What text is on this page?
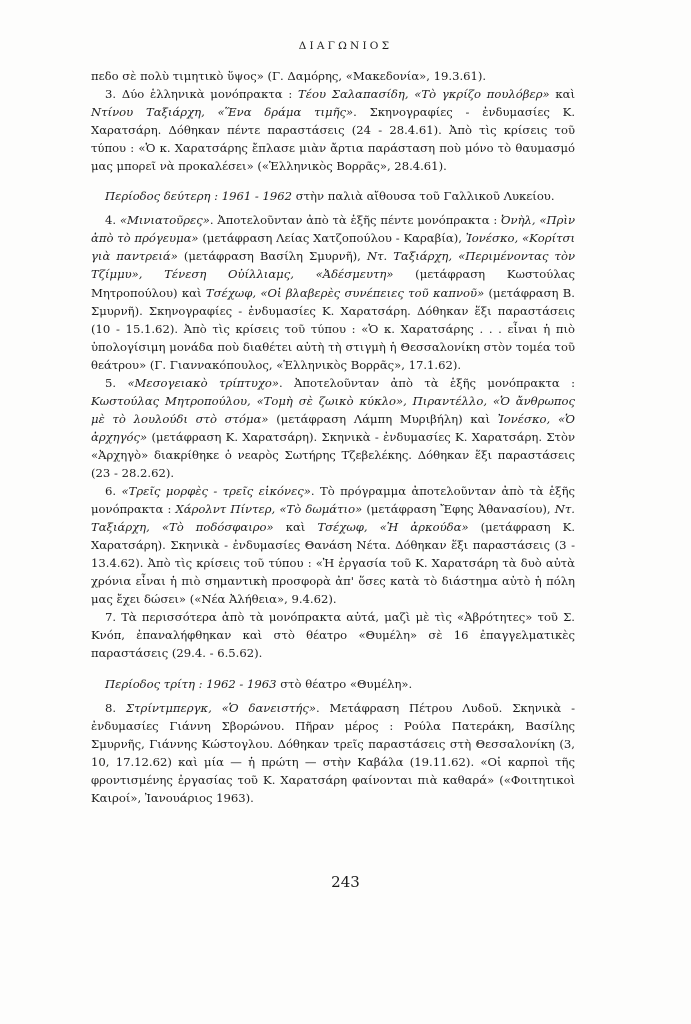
ΔΙΑΓΩΝΙΟΣ

πεδο σὲ πολὺ τιμητικὸ ὕψος» (Γ. Δαμόρης, «Μακεδονία», 19.3.61).

3. Δύο ἑλληνικὰ μονόπρακτα : Τέου Σαλαπασίδη, «Τὸ γκρίζο πουλόβερ» καὶ Ντίνου Ταξιάρχη, «Ἕνα δράμα τιμῆς». Σκηνογραφίες - ἐνδυμασίες Κ. Χαρατσάρη. Δόθηκαν πέντε παραστάσεις (24 - 28.4.61). Ἀπὸ τὶς κρίσεις τοῦ τύπου : «Ὁ κ. Χαρατσάρης ἔπλασε μιὰν ἄρτια παράσταση ποὺ μόνο τὸ θαυμασμό μας μπορεῖ νὰ προκαλέσει» («Ἑλληνικὸς Βορρᾶς», 28.4.61).

Περίοδος δεύτερη : 1961 - 1962 στὴν παλιὰ αἴθουσα τοῦ Γαλλικοῦ Λυκείου.

4. «Μινιατοῦρες». Ἀποτελοῦνταν ἀπὸ τὰ ἑξῆς πέντε μονόπρακτα : Ὀνὴλ, «Πρὶν ἀπὸ τὸ πρόγευμα» (μετάφραση Λείας Χατζοπούλου - Καραβία), Ἰονέσκο, «Κορίτσι γιὰ παντρειά» (μετάφραση Βασίλη Σμυρνῆ), Ντ. Ταξιάρχη, «Περιμένοντας τὸν Τζίμμυ», Τένεση Οὐίλλιαμς, «Ἀδέσμευτη» (μετάφραση Κωστούλας Μητροπούλου) καὶ Τσέχωφ, «Οἱ βλαβερὲς συνέπειες τοῦ καπνοῦ» (μετάφραση Β. Σμυρνῆ). Σκηνογραφίες - ἐνδυμασίες Κ. Χαρατσάρη. Δόθηκαν ἕξι παραστάσεις (10 - 15.1.62). Ἀπὸ τὶς κρίσεις τοῦ τύπου : «Ὁ κ. Χαρατσάρης . . . εἶναι ἡ πιὸ ὑπολογίσιμη μονάδα ποὺ διαθέτει αὐτὴ τὴ στιγμὴ ἡ Θεσσαλονίκη στὸν τομέα τοῦ θεάτρου» (Γ. Γιαννακόπουλος, «Ἑλληνικὸς Βορρᾶς», 17.1.62).

5. «Μεσογειακὸ τρίπτυχο». Ἀποτελοῦνταν ἀπὸ τὰ ἑξῆς μονόπρακτα : Κωστούλας Μητροπούλου, «Τομὴ σὲ ζωικὸ κύκλο», Πιραντέλλο, «Ὁ ἄνθρωπος μὲ τὸ λουλούδι στὸ στόμα» (μετάφραση Λάμπη Μυριβήλη) καὶ Ἰονέσκο, «Ὁ ἀρχηγός» (μετάφραση Κ. Χαρατσάρη). Σκηνικὰ - ἐνδυμασίες Κ. Χαρατσάρη. Στὸν «Ἀρχηγὸ» διακρίθηκε ὁ νεαρὸς Σωτήρης Τζεβελέκης. Δόθηκαν ἕξι παραστάσεις (23 - 28.2.62).

6. «Τρεῖς μορφὲς - τρεῖς εἰκόνες». Τὸ πρόγραμμα ἀποτελοῦνταν ἀπὸ τὰ ἑξῆς μονόπρακτα : Χάρολντ Πίντερ, «Τὸ δωμάτιο» (μετάφραση Ἔφης Ἀθανασίου), Ντ. Ταξιάρχη, «Τὸ ποδόσφαιρο» καὶ Τσέχωφ, «Ἡ ἀρκούδα» (μετάφραση Κ. Χαρατσάρη). Σκηνικὰ - ἐνδυμασίες Θανάση Νέτα. Δόθηκαν ἕξι παραστάσεις (3 - 13.4.62). Ἀπὸ τὶς κρίσεις τοῦ τύπου : «Ἡ ἐργασία τοῦ Κ. Χαρατσάρη τὰ δυὸ αὐτὰ χρόνια εἶναι ἡ πιὸ σημαντικὴ προσφορὰ ἀπ' ὅσες κατὰ τὸ διάστημα αὐτὸ ἡ πόλη μας ἔχει δώσει» («Νέα Ἀλήθεια», 9.4.62).

7. Τὰ περισσότερα ἀπὸ τὰ μονόπρακτα αὐτά, μαζὶ μὲ τὶς «Ἀβρότητες» τοῦ Σ. Κνόπ, ἐπαναλήφθηκαν καὶ στὸ θέατρο «Θυμέλη» σὲ 16 ἐπαγγελματικὲς παραστάσεις (29.4. - 6.5.62).

Περίοδος τρίτη : 1962 - 1963 στὸ θέατρο «Θυμέλη».

8. Στρίντμπεργκ, «Ὁ δανειστής». Μετάφραση Πέτρου Λυδοῦ. Σκηνικὰ - ἐνδυμασίες Γιάννη Σβορώνου. Πῆραν μέρος : Ρούλα Πατεράκη, Βασίλης Σμυρνῆς, Γιάννης Κώστογλου. Δόθηκαν τρεῖς παραστάσεις στὴ Θεσσαλονίκη (3, 10, 17.12.62) καὶ μία — ἡ πρώτη — στὴν Καβάλα (19.11.62). «Οἱ καρποὶ τῆς φροντισμένης ἐργασίας τοῦ Κ. Χαρατσάρη φαίνονται πιὰ καθαρά» («Φοιτητικοὶ Καιροί», Ἰανουάριος 1963).

243
